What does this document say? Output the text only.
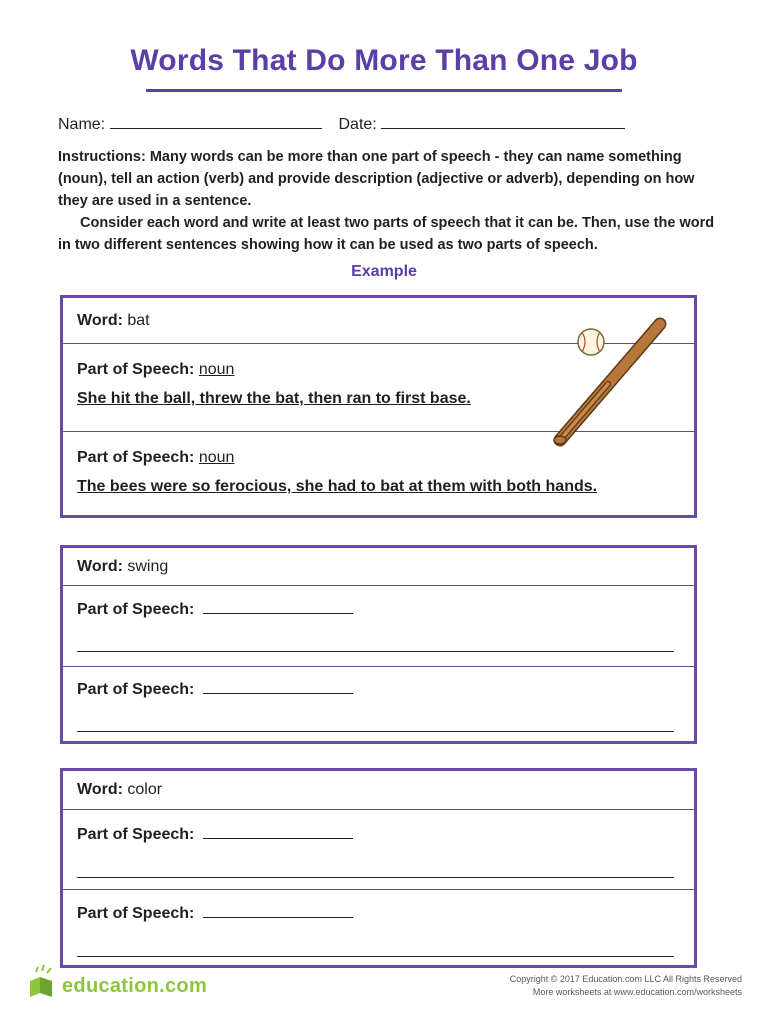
Words That Do More Than One Job
Name:	Date:

Instructions: Many words can be more than one part of speech - they can name something (noun), tell an action (verb) and provide description (adjective or adverb), depending on how they are used in a sentence.

Consider each word and write at least two parts of speech that it can be. Then, use the word in two different sentences showing how it can be used as two parts of speech.

Example
Word: bat
Part of Speech: noun
She hit the ball, threw the bat, then ran to first base.
Part of Speech: noun
The bees were so ferocious, she had to bat at them with both hands.
Word: swing
Part of Speech:
Part of Speech:
Word: color
Part of Speech:
Part of Speech:
education.com	Copyright © 2017 Education.com LLC All Rights Reserved
More worksheets at www.education.com/worksheets
